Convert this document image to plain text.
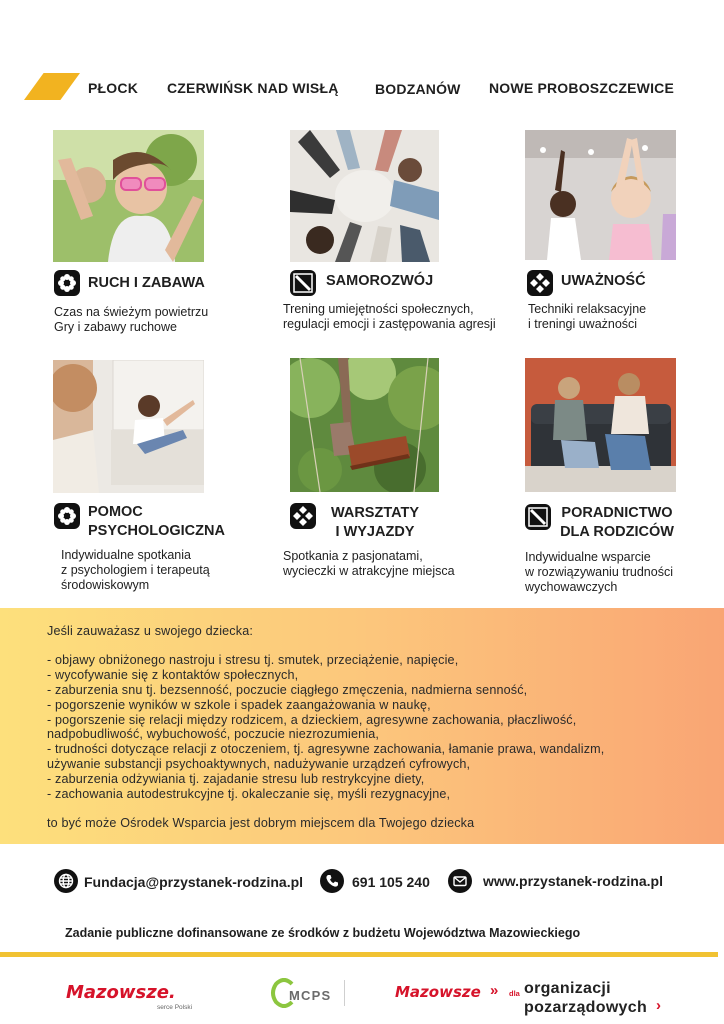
PŁOCK CZERWIŃSK NAD WISŁĄ	BODZANÓW NOWE PROBOSZCZEWICE
RUCH I ZABAWA	SAMOROZWÓJ	UWAŻNOŚĆ
Czas na świeżym powietrzu
Gry i zabawy ruchowe
Trening umiejętności społecznych,
regulacji emocji i zastępowania agresji
Techniki relaksacyjne
i treningi uważności
POMOC
PSYCHOLOGICZNA
WARSZTATY
I WYJAZDY
PORADNICTWO
DLA RODZICÓW
Indywidualne spotkania
z psychologiem i terapeutą
środowiskowym
Spotkania z pasjonatami,
wycieczki w atrakcyjne miejsca
Indywidualne wsparcie
w rozwiązywaniu trudności
wychowawczych
Jeśli zauważasz u swojego dziecka:
- objawy obniżonego nastroju i stresu tj. smutek, przeciążenie, napięcie,
- wycofywanie się z kontaktów społecznych,
- zaburzenia snu tj. bezsenność, poczucie ciągłego zmęczenia, nadmierna senność,
- pogorszenie wyników w szkole i spadek zaangażowania w naukę,
- pogorszenie się relacji między rodzicem, a dzieckiem, agresywne zachowania, płaczliwość,
nadpobudliwość, wybuchowość, poczucie niezrozumienia,
- trudności dotyczące relacji z otoczeniem, tj. agresywne zachowania, łamanie prawa, wandalizm,
używanie substancji psychoaktywnych, nadużywanie urządzeń cyfrowych,
- zaburzenia odżywiania tj. zajadanie stresu lub restrykcyjne diety,
- zachowania autodestrukcyjne tj. okaleczanie się, myśli rezygnacyjne,
to być może Ośrodek Wsparcia jest dobrym miejscem dla Twojego dziecka
Fundacja@przystanek-rodzina.pl	691 105 240	www.przystanek-rodzina.pl
Zadanie publiczne dofinansowane ze środków z budżetu Województwa Mazowieckiego
Mazowsze.
serce Polski
MCPS	Mazowsze » dla organizacji
pozarządowych ›
